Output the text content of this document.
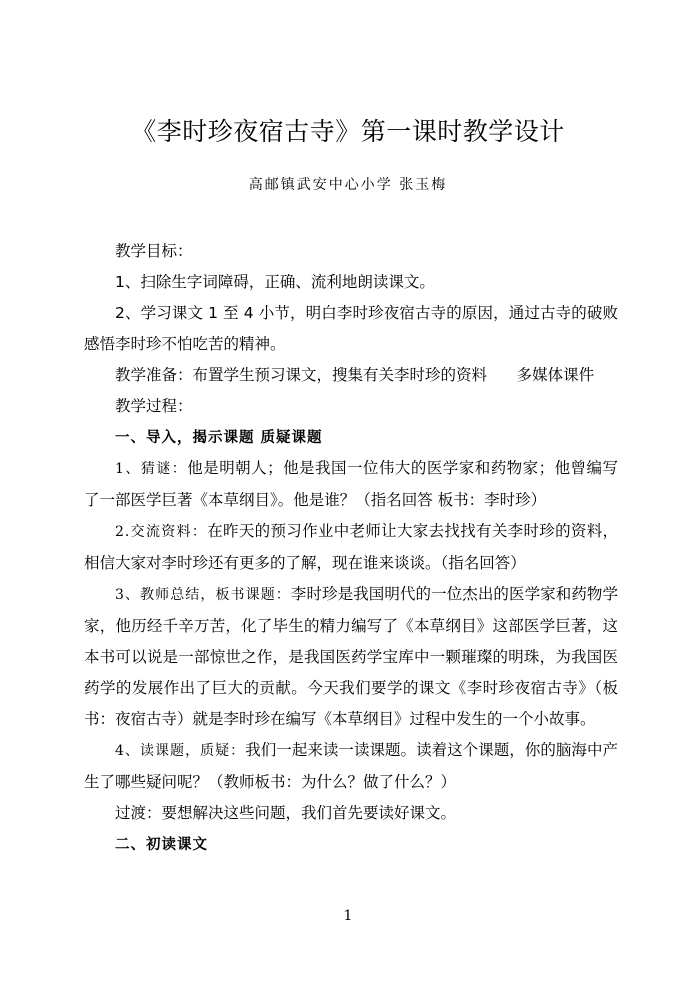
《李时珍夜宿古寺》第一课时教学设计
高邮镇武安中心小学 张玉梅

教学目标：

1、扫除生字词障碍，正确、流利地朗读课文。

2、学习课文 1 至 4 小节，明白李时珍夜宿古寺的原因，通过古寺的破败感悟李时珍不怕吃苦的精神。

教学准备：布置学生预习课文，搜集有关李时珍的资料      多媒体课件

教学过程：

一、导入，揭示课题 质疑课题

1、猜谜：他是明朝人；他是我国一位伟大的医学家和药物家；他曾编写了一部医学巨著《本草纲目》。他是谁？（指名回答 板书：李时珍）

2.交流资料：在昨天的预习作业中老师让大家去找找有关李时珍的资料，相信大家对李时珍还有更多的了解，现在谁来谈谈。（指名回答）

3、教师总结，板书课题：李时珍是我国明代的一位杰出的医学家和药物学家，他历经千辛万苦，化了毕生的精力编写了《本草纲目》这部医学巨著，这本书可以说是一部惊世之作，是我国医药学宝库中一颗璀璨的明珠，为我国医药学的发展作出了巨大的贡献。今天我们要学的课文《李时珍夜宿古寺》（板书：夜宿古寺）就是李时珍在编写《本草纲目》过程中发生的一个小故事。

4、读课题，质疑：我们一起来读一读课题。读着这个课题，你的脑海中产生了哪些疑问呢？（教师板书：为什么？做了什么？）

过渡：要想解决这些问题，我们首先要读好课文。

二、初读课文

1
